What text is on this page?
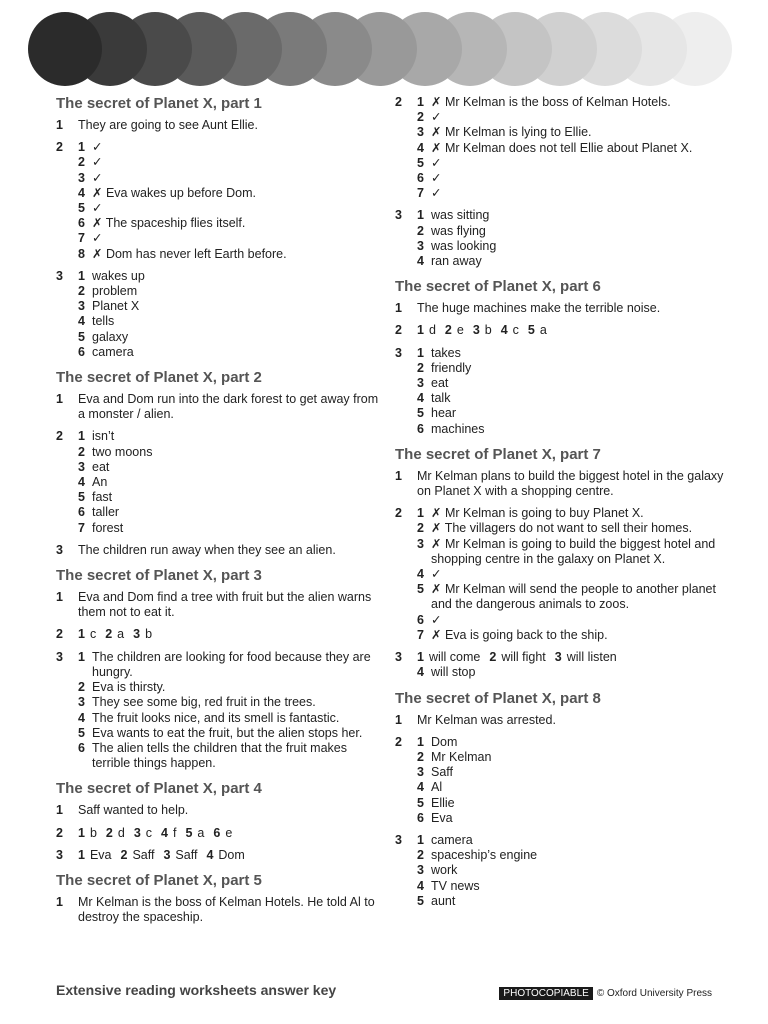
The secret of Planet X, part 1
1	They are going to see Aunt Ellie.
2	1 ✓
2 ✓
3 ✓
4 ✗ Eva wakes up before Dom.
5 ✓
6 ✗ The spaceship flies itself.
7 ✓
8 ✗ Dom has never left Earth before.
3	1 wakes up
2 problem
3 Planet X
4 tells
5 galaxy
6 camera
The secret of Planet X, part 2
1	Eva and Dom run into the dark forest to get away from a monster / alien.
2	1 isn’t
2 two moons
3 eat
4 An
5 fast
6 taller
7 forest
3	The children run away when they see an alien.
The secret of Planet X, part 3
1	Eva and Dom find a tree with fruit but the alien warns them not to eat it.
2	1 c 2 a 3 b
3	1 The children are looking for food because they are hungry.
2 Eva is thirsty.
3 They see some big, red fruit in the trees.
4 The fruit looks nice, and its smell is fantastic.
5 Eva wants to eat the fruit, but the alien stops her.
6 The alien tells the children that the fruit makes terrible things happen.
The secret of Planet X, part 4
1	Saff wanted to help.
2	1 b 2 d 3 c 4 f 5 a 6 e
3	1 Eva 2 Saff 3 Saff 4 Dom
The secret of Planet X, part 5
1	Mr Kelman is the boss of Kelman Hotels. He told Al to destroy the spaceship.
2	1 ✗ Mr Kelman is the boss of Kelman Hotels.
2 ✓
3 ✗ Mr Kelman is lying to Ellie.
4 ✗ Mr Kelman does not tell Ellie about Planet X.
5 ✓
6 ✓
7 ✓
3	1 was sitting
2 was flying
3 was looking
4 ran away
The secret of Planet X, part 6
1	The huge machines make the terrible noise.
2	1 d 2 e 3 b 4 c 5 a
3	1 takes
2 friendly
3 eat
4 talk
5 hear
6 machines
The secret of Planet X, part 7
1	Mr Kelman plans to build the biggest hotel in the galaxy on Planet X with a shopping centre.
2	1 ✗ Mr Kelman is going to buy Planet X.
2 ✗ The villagers do not want to sell their homes.
3 ✗ Mr Kelman is going to build the biggest hotel and shopping centre in the galaxy on Planet X.
4 ✓
5 ✗ Mr Kelman will send the people to another planet and the dangerous animals to zoos.
6 ✓
7 ✗ Eva is going back to the ship.
3	1 will come 2 will fight 3 will listen
4 will stop
The secret of Planet X, part 8
1	Mr Kelman was arrested.
2	1 Dom
2 Mr Kelman
3 Saff
4 Al
5 Ellie
6 Eva
3	1 camera
2 spaceship’s engine
3 work
4 TV news
5 aunt
Extensive reading worksheets answer key	PHOTOCOPIABLE © Oxford University Press
